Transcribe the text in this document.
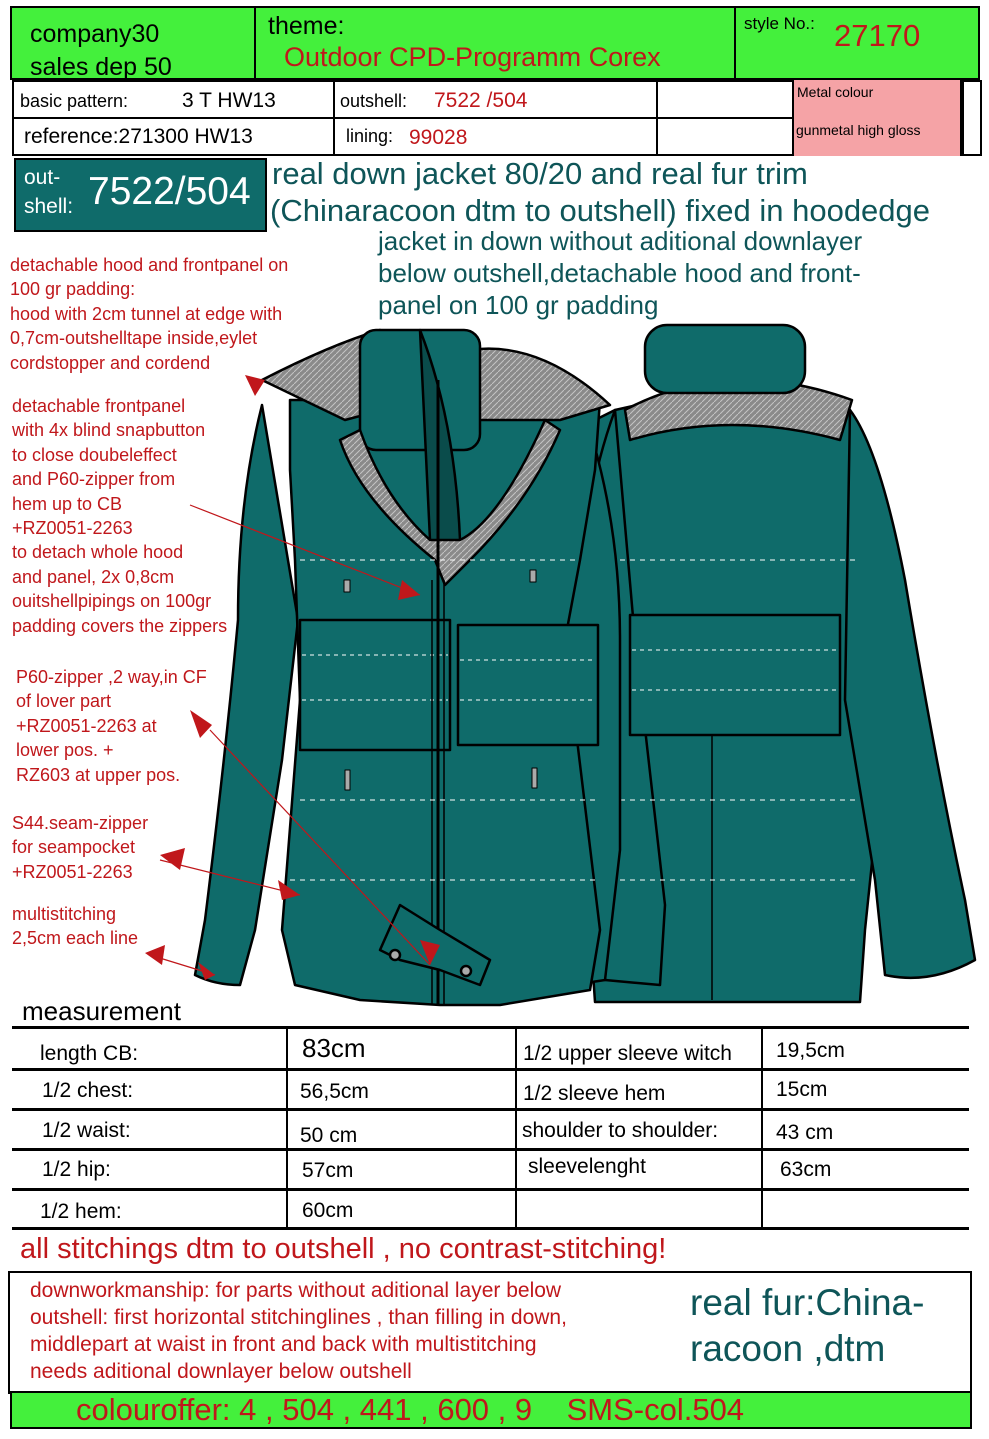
company30
sales dep 50
theme:
Outdoor CPD-Programm Corex
style No.: 27170
basic pattern:	3 T HW13	outshell: 7522 /504
reference:271300 HW13	lining: 99028
Metal colour
gunmetal high gloss
out-
shell: 7522/504 real down jacket 80/20 and real fur trim
(Chinaracoon dtm to outshell) fixed in hoodedge
jacket in down without aditional downlayer
below outshell,detachable hood and front-
panel on 100 gr padding
detachable hood and frontpanel on
100 gr padding:
hood with 2cm tunnel at edge with
0,7cm-outshelltape inside,eylet
cordstopper and cordend
detachable frontpanel
with 4x blind snapbutton
to close doubeleffect
and P60-zipper from
hem up to CB
+RZ0051-2263
to detach whole hood
and panel, 2x 0,8cm
ouitshellpipings on 100gr
padding covers the zippers
P60-zipper ,2 way,in CF
of lover part
+RZ0051-2263 at
lower pos. +
RZ603 at upper pos.
S44.seam-zipper
for seampocket
+RZ0051-2263
multistitching
2,5cm each line
measurement
length CB:	83cm	1/2 upper sleeve witch 19,5cm
1/2 chest:	56,5cm	1/2 sleeve hem	15cm
1/2 waist:	50 cm	shoulder to shoulder:	43 cm
1/2 hip:	57cm	sleevelenght	63cm
1/2 hem:	60cm
all stitchings dtm to outshell , no contrast-stitching!
downworkmanship: for parts without aditional layer below
outshell: first horizontal stitchinglines , than filling in down,
middlepart at waist in front and back with multistitching
needs aditional downlayer below outshell
real fur:China-
racoon ,dtm
colouroffer: 4 , 504 , 441 , 600 , 9    SMS-col.504
